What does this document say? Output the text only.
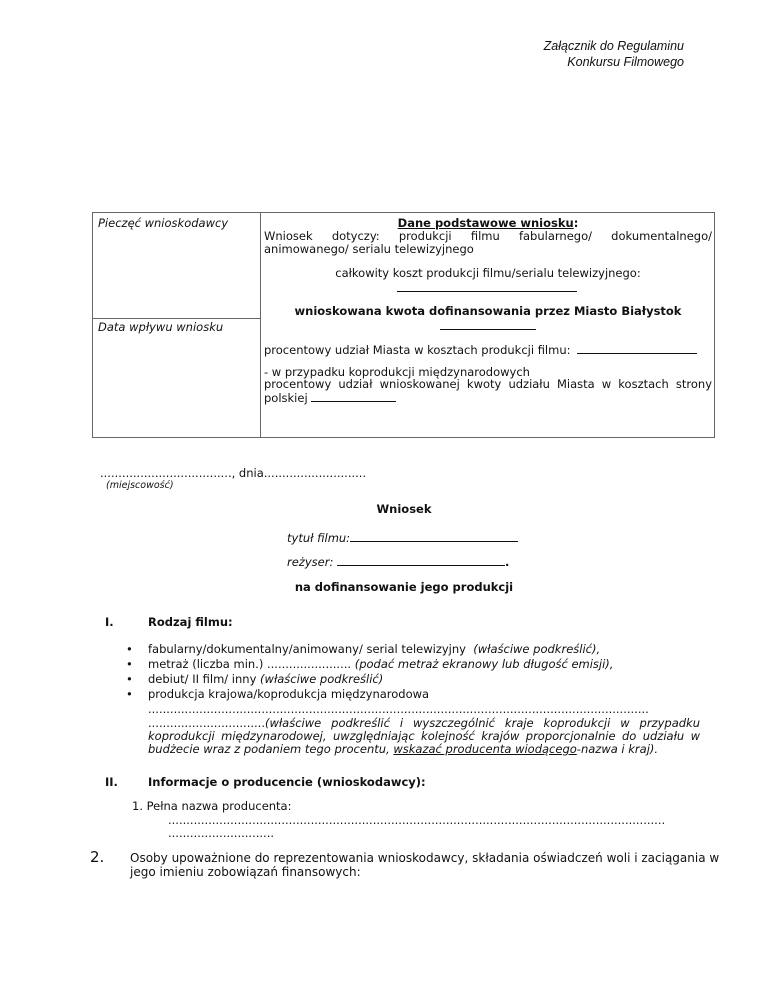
Załącznik do Regulaminu
Konkursu Filmowego
Pieczęć wnioskodawcy
Data wpływu wniosku
Dane podstawowe wniosku:
Wniosek dotyczy: produkcji filmu fabularnego/ dokumentalnego/
animowanego/ serialu telewizyjnego
całkowity koszt produkcji filmu/serialu telewizyjnego:
wnioskowana kwota dofinansowania przez Miasto Białystok
procentowy udział Miasta w kosztach produkcji filmu:
- w przypadku koprodukcji międzynarodowych
procentowy udział wnioskowanej kwoty udziału Miasta w kosztach strony polskiej
...................................., dnia............................
(miejscowość)
Wniosek
tytuł filmu:
reżyser:	.
na dofinansowanie jego produkcji
I.	Rodzaj filmu:
• fabularny/dokumentalny/animowany/ serial telewizyjny (właściwe podkreślić),
• metraż (liczba min.) ....................... (podać metraż ekranowy lub długość emisji),
• debiut/ II film/ inny (właściwe podkreślić)
• produkcja krajowa/koprodukcja międzynarodowa
.........................................................................................................................................
................................(właściwe podkreślić i wyszczególnić kraje koprodukcji w przypadku koprodukcji międzynarodowej, uwzględniając kolejność krajów proporcjonalnie do udziału w budżecie wraz z podaniem tego procentu, wskazać producenta wiodącego-nazwa i kraj).
II.	Informacje o producencie (wnioskodawcy):
1. Pełna nazwa producenta:
........................................................................................................................................
.............................
2. Osoby upoważnione do reprezentowania wnioskodawcy, składania oświadczeń woli i zaciągania w jego imieniu zobowiązań finansowych:
